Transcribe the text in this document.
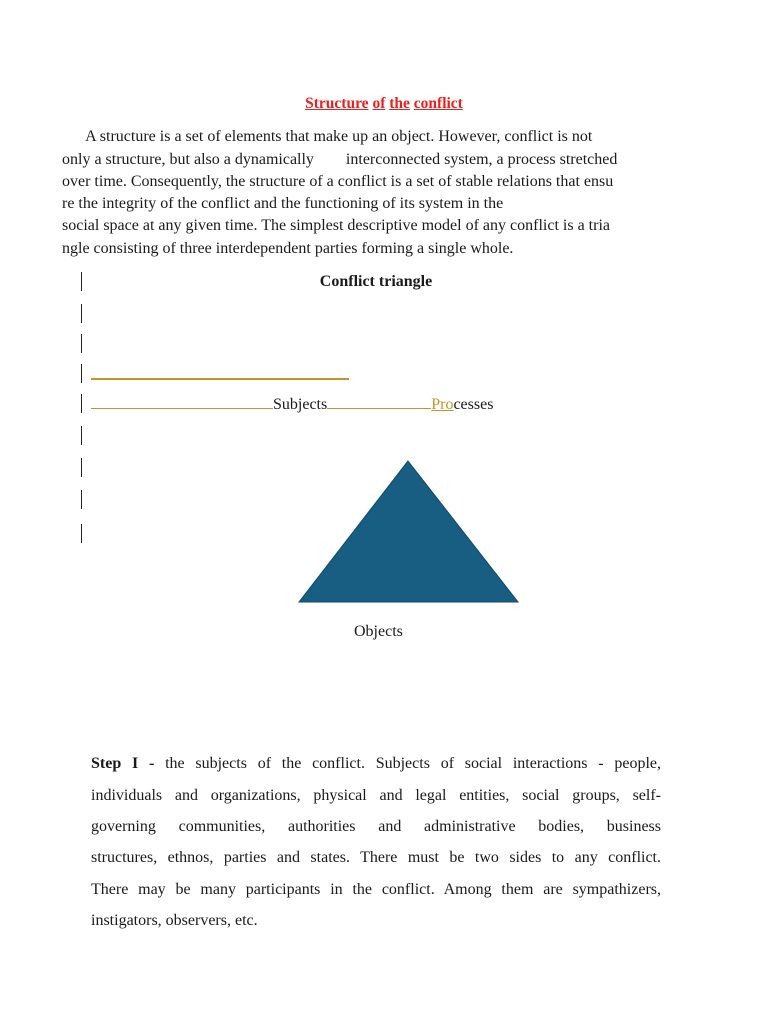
Structure of the conflict
A structure is a set of elements that make up an object. However, conflict is not
only a structure, but also a dynamically        interconnected system, a process stretched
over time. Consequently, the structure of a conflict is a set of stable relations that ensu
re the integrity of the conflict and the functioning of its system in the
social space at any given time. The simplest descriptive model of any conflict is a tria
ngle consisting of three interdependent parties forming a single whole.
Conflict triangle
Subjects	Processes
Objects
Step I - the subjects of the conflict. Subjects of social interactions - people,
individuals and organizations, physical and legal entities, social groups, self-
governing communities, authorities and administrative bodies, business
structures, ethnos, parties and states. There must be two sides to any conflict.
There may be many participants in the conflict. Among them are sympathizers,
instigators, observers, etc.
